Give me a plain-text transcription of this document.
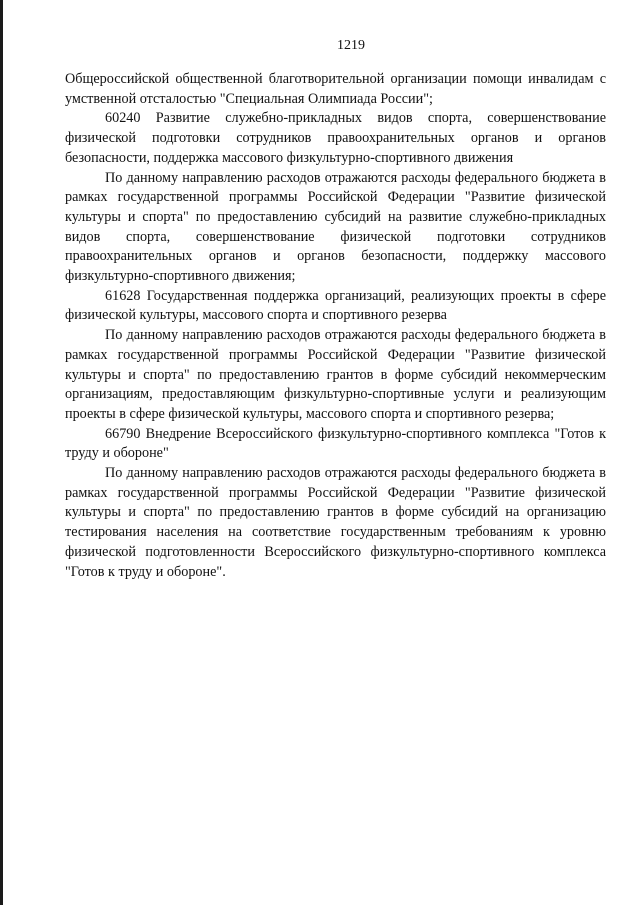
1219

Общероссийской общественной благотворительной организации помощи инвалидам с умственной отсталостью "Специальная Олимпиада России";

60240 Развитие служебно-прикладных видов спорта, совершенствование физической подготовки сотрудников правоохранительных органов и органов безопасности, поддержка массового физкультурно-спортивного движения

По данному направлению расходов отражаются расходы федерального бюджета в рамках государственной программы Российской Федерации "Развитие физической культуры и спорта" по предоставлению субсидий на развитие служебно-прикладных видов спорта, совершенствование физической подготовки сотрудников правоохранительных органов и органов безопасности, поддержку массового физкультурно-спортивного движения;

61628 Государственная поддержка организаций, реализующих проекты в сфере физической культуры, массового спорта и спортивного резерва

По данному направлению расходов отражаются расходы федерального бюджета в рамках государственной программы Российской Федерации "Развитие физической культуры и спорта" по предоставлению грантов в форме субсидий некоммерческим организациям, предоставляющим физкультурно-спортивные услуги и реализующим проекты в сфере физической культуры, массового спорта и спортивного резерва;

66790 Внедрение Всероссийского физкультурно-спортивного комплекса "Готов к труду и обороне"

По данному направлению расходов отражаются расходы федерального бюджета в рамках государственной программы Российской Федерации "Развитие физической культуры и спорта" по предоставлению грантов в форме субсидий на организацию тестирования населения на соответствие государственным требованиям к уровню физической подготовленности Всероссийского физкультурно-спортивного комплекса "Готов к труду и обороне".
